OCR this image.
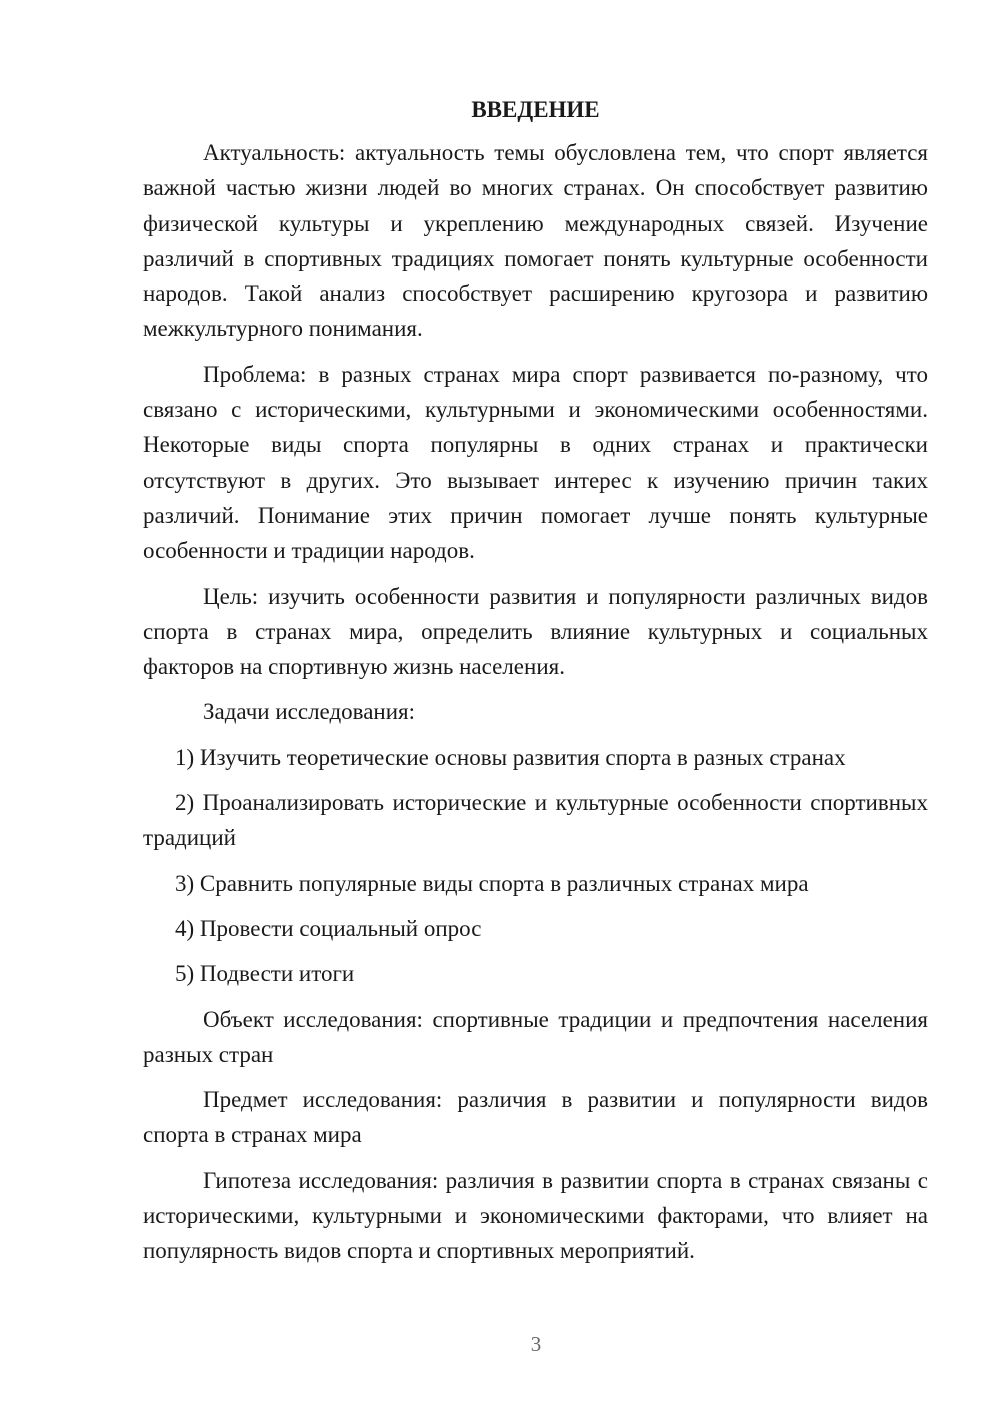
ВВЕДЕНИЕ

Актуальность: актуальность темы обусловлена тем, что спорт является важной частью жизни людей во многих странах. Он способствует развитию физической культуры и укреплению международных связей. Изучение различий в спортивных традициях помогает понять культурные особенности народов. Такой анализ способствует расширению кругозора и развитию межкультурного понимания.

Проблема: в разных странах мира спорт развивается по-разному, что связано с историческими, культурными и экономическими особенностями. Некоторые виды спорта популярны в одних странах и практически отсутствуют в других. Это вызывает интерес к изучению причин таких различий. Понимание этих причин помогает лучше понять культурные особенности и традиции народов.

Цель: изучить особенности развития и популярности различных видов спорта в странах мира, определить влияние культурных и социальных факторов на спортивную жизнь населения.

Задачи исследования:

1) Изучить теоретические основы развития спорта в разных странах

2) Проанализировать исторические и культурные особенности спортивных традиций

3) Сравнить популярные виды спорта в различных странах мира

4) Провести социальный опрос

5) Подвести итоги

Объект исследования: спортивные традиции и предпочтения населения разных стран

Предмет исследования: различия в развитии и популярности видов спорта в странах мира

Гипотеза исследования: различия в развитии спорта в странах связаны с историческими, культурными и экономическими факторами, что влияет на популярность видов спорта и спортивных мероприятий.

3
